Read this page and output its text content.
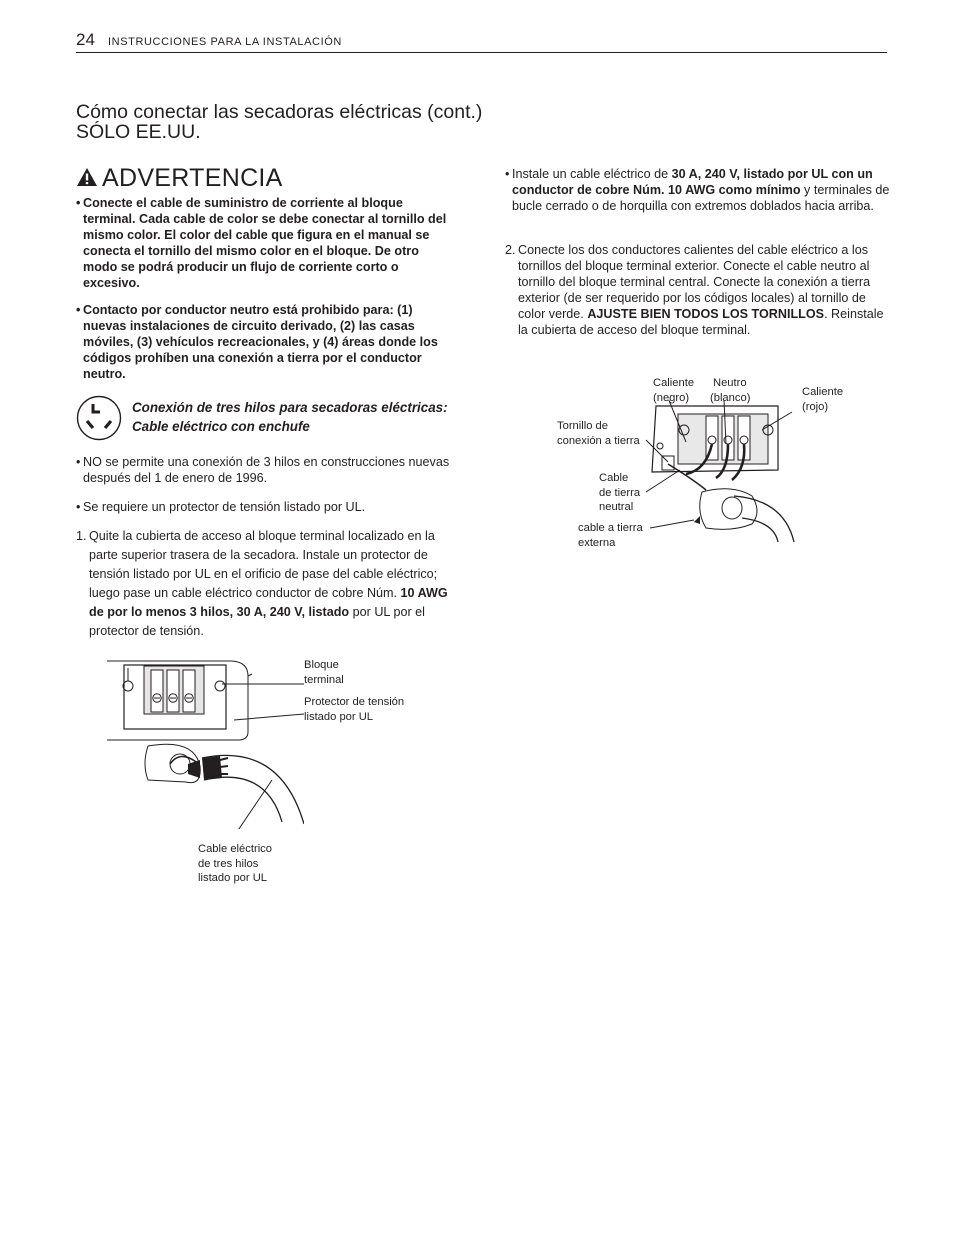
24 INSTRUCCIONES PARA LA INSTALACIÓN
Cómo conectar las secadoras eléctricas (cont.)
SÓLO EE.UU.
ADVERTENCIA
• Conecte el cable de suministro de corriente al bloque terminal. Cada cable de color se debe conectar al tornillo del mismo color. El color del cable que figura en el manual se conecta el tornillo del mismo color en el bloque. De otro modo se podrá producir un flujo de corriente corto o excesivo.
• Contacto por conductor neutro está prohibido para: (1) nuevas instalaciones de circuito derivado, (2) las casas móviles, (3) vehículos recreacionales, y (4) áreas donde los códigos prohíben una conexión a tierra por el conductor neutro.
Conexión de tres hilos para secadoras eléctricas:
Cable eléctrico con enchufe
• NO se permite una conexión de 3 hilos en construcciones nuevas después del 1 de enero de 1996.
• Se requiere un protector de tensión listado por UL.
1. Quite la cubierta de acceso al bloque terminal localizado en la parte superior trasera de la secadora. Instale un protector de tensión listado por UL en el orificio de pase del cable eléctrico; luego pase un cable eléctrico conductor de cobre Núm. 10 AWG de por lo menos 3 hilos, 30 A, 240 V, listado por UL por el protector de tensión.
Bloque
terminal
Protector de tensión
listado por UL
Cable eléctrico
de tres hilos
listado por UL
• Instale un cable eléctrico de 30 A, 240 V, listado por UL con un conductor de cobre Núm. 10 AWG como mínimo y terminales de bucle cerrado o de horquilla con extremos doblados hacia arriba.
2. Conecte los dos conductores calientes del cable eléctrico a los tornillos del bloque terminal exterior. Conecte el cable neutro al tornillo del bloque terminal central. Conecte la conexión a tierra exterior (de ser requerido por los códigos locales) al tornillo de color verde. AJUSTE BIEN TODOS LOS TORNILLOS. Reinstale la cubierta de acceso del bloque terminal.
Caliente
(negro)
Neutro
(blanco)	Caliente
(rojo)
Tornillo de
conexión a tierra
Cable
de tierra
neutral
cable a tierra
externa
